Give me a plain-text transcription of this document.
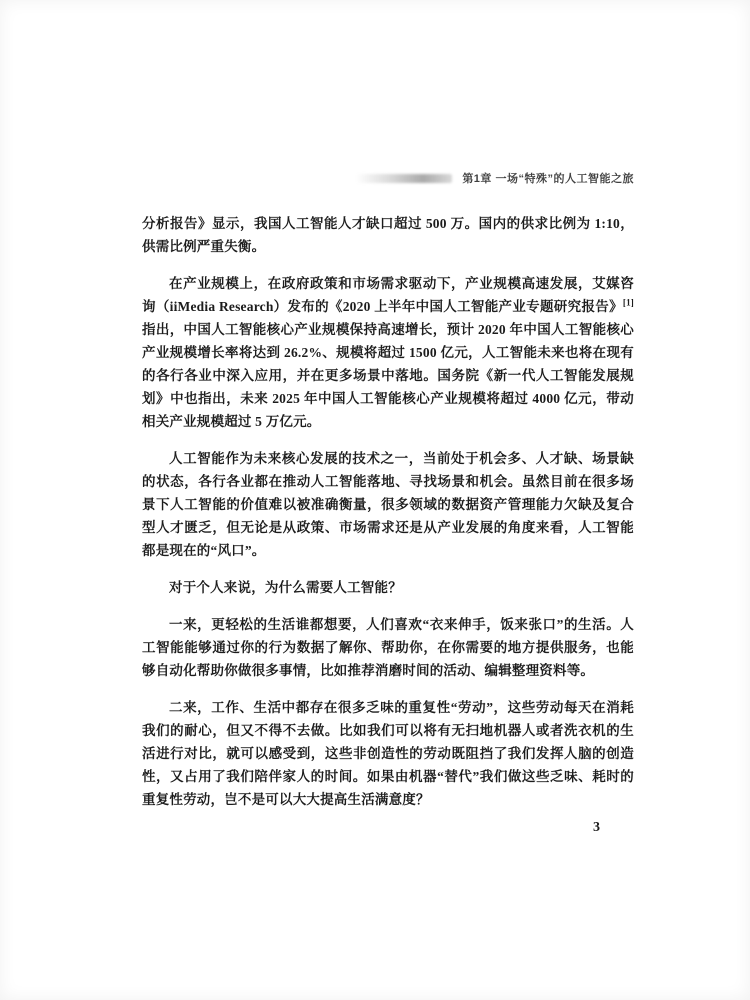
第1章 一场“特殊”的人工智能之旅

分析报告》显示，我国人工智能人才缺口超过 500 万。国内的供求比例为 1:10，供需比例严重失衡。

在产业规模上，在政府政策和市场需求驱动下，产业规模高速发展，艾媒咨询（iiMedia Research）发布的《2020 上半年中国人工智能产业专题研究报告》[1]指出，中国人工智能核心产业规模保持高速增长，预计 2020 年中国人工智能核心产业规模增长率将达到 26.2%、规模将超过 1500 亿元，人工智能未来也将在现有的各行各业中深入应用，并在更多场景中落地。国务院《新一代人工智能发展规划》中也指出，未来 2025 年中国人工智能核心产业规模将超过 4000 亿元，带动相关产业规模超过 5 万亿元。

人工智能作为未来核心发展的技术之一，当前处于机会多、人才缺、场景缺的状态，各行各业都在推动人工智能落地、寻找场景和机会。虽然目前在很多场景下人工智能的价值难以被准确衡量，很多领域的数据资产管理能力欠缺及复合型人才匮乏，但无论是从政策、市场需求还是从产业发展的角度来看，人工智能都是现在的“风口”。

对于个人来说，为什么需要人工智能？

一来，更轻松的生活谁都想要，人们喜欢“衣来伸手，饭来张口”的生活。人工智能能够通过你的行为数据了解你、帮助你，在你需要的地方提供服务，也能够自动化帮助你做很多事情，比如推荐消磨时间的活动、编辑整理资料等。

二来，工作、生活中都存在很多乏味的重复性“劳动”，这些劳动每天在消耗我们的耐心，但又不得不去做。比如我们可以将有无扫地机器人或者洗衣机的生活进行对比，就可以感受到，这些非创造性的劳动既阻挡了我们发挥人脑的创造性，又占用了我们陪伴家人的时间。如果由机器“替代”我们做这些乏味、耗时的重复性劳动，岂不是可以大大提高生活满意度？

3
